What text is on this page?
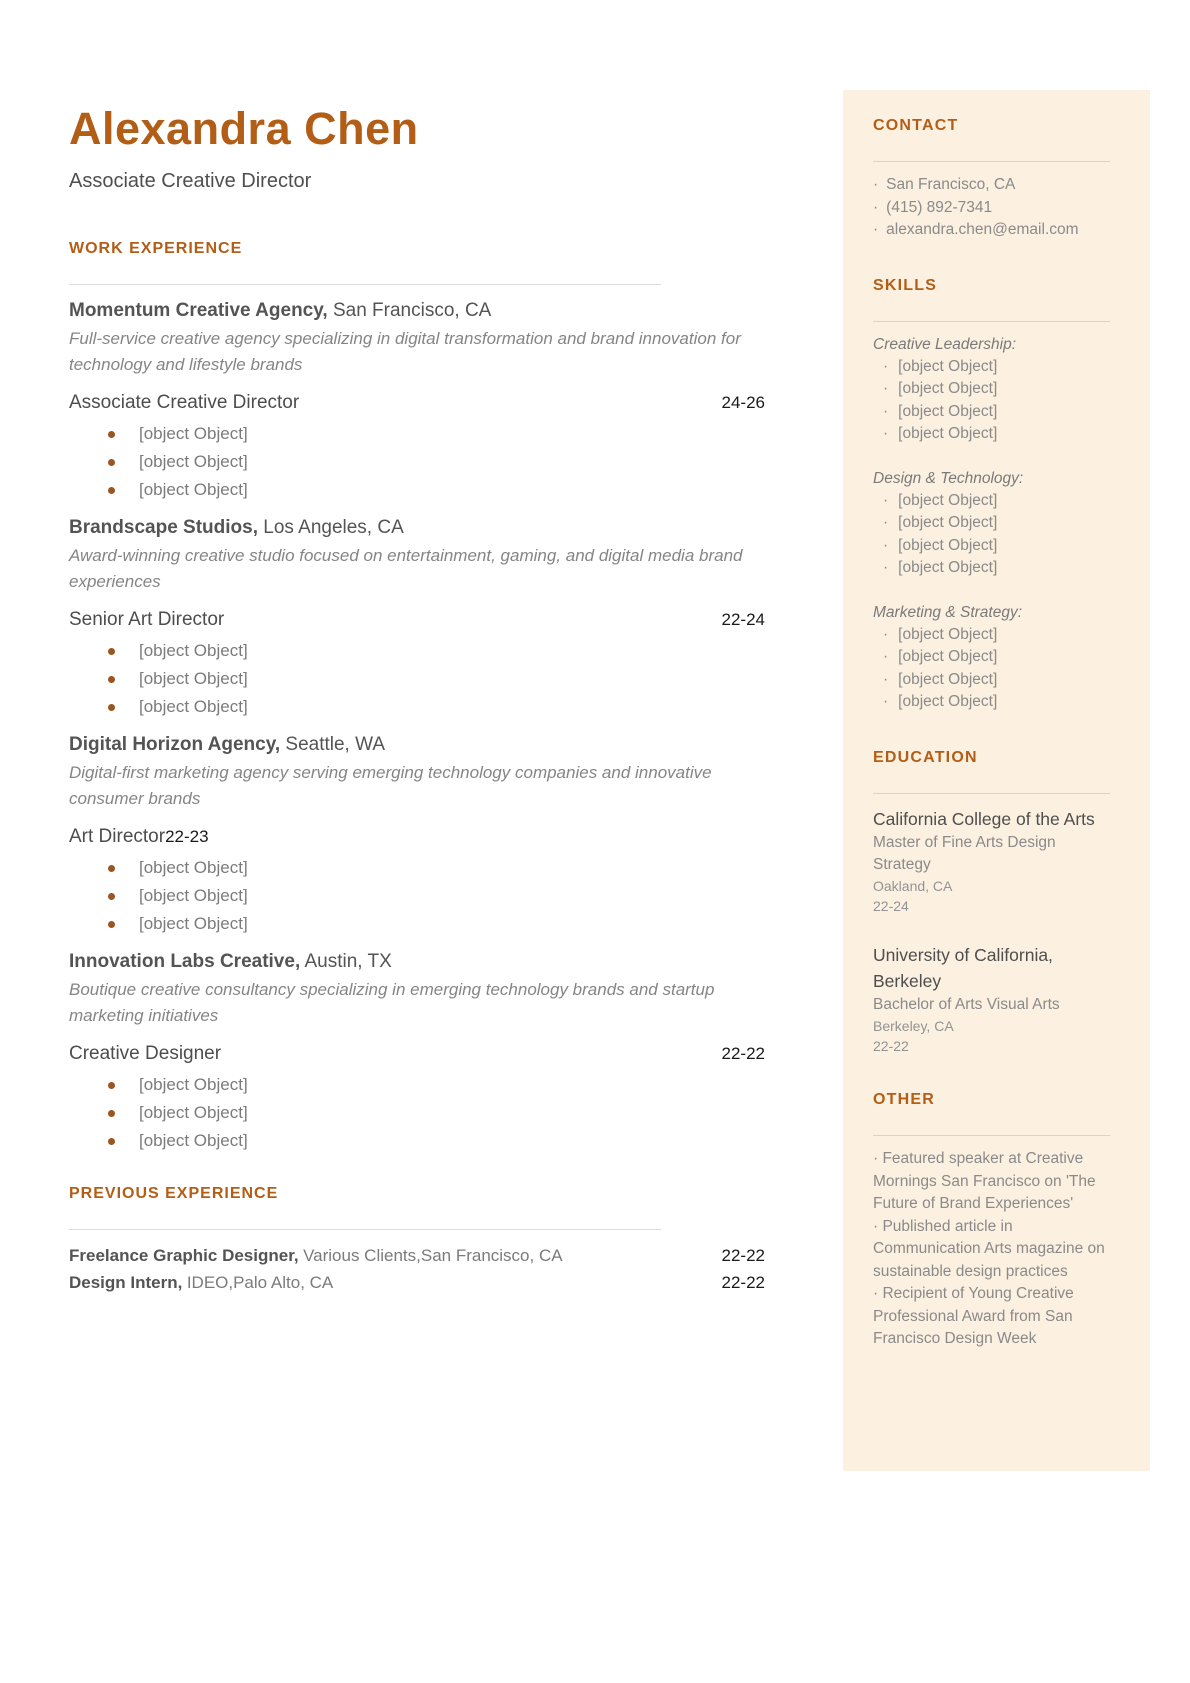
Alexandra Chen
Associate Creative Director
WORK EXPERIENCE
Momentum Creative Agency, San Francisco, CA
Full-service creative agency specializing in digital transformation and brand innovation for technology and lifestyle brands
Associate Creative Director	24-26
[object Object]
[object Object]
[object Object]
Brandscape Studios, Los Angeles, CA
Award-winning creative studio focused on entertainment, gaming, and digital media brand experiences
Senior Art Director	22-24
[object Object]
[object Object]
[object Object]
Digital Horizon Agency, Seattle, WA
Digital-first marketing agency serving emerging technology companies and innovative consumer brands
Art Director 22-23
[object Object]
[object Object]
[object Object]
Innovation Labs Creative, Austin, TX
Boutique creative consultancy specializing in emerging technology brands and startup marketing initiatives
Creative Designer	22-22
[object Object]
[object Object]
[object Object]
PREVIOUS EXPERIENCE
Freelance Graphic Designer, Various Clients,San Francisco, CA	22-22
Design Intern, IDEO,Palo Alto, CA	22-22
CONTACT
· San Francisco, CA
· (415) 892-7341
· alexandra.chen@email.com
SKILLS
Creative Leadership:
· [object Object]
· [object Object]
· [object Object]
· [object Object]
Design & Technology:
· [object Object]
· [object Object]
· [object Object]
· [object Object]
Marketing & Strategy:
· [object Object]
· [object Object]
· [object Object]
· [object Object]
EDUCATION
California College of the Arts
Master of Fine Arts Design Strategy
Oakland, CA
22-24
University of California, Berkeley
Bachelor of Arts Visual Arts
Berkeley, CA
22-22
OTHER
· Featured speaker at Creative Mornings San Francisco on 'The Future of Brand Experiences'
· Published article in Communication Arts magazine on sustainable design practices
· Recipient of Young Creative Professional Award from San Francisco Design Week
